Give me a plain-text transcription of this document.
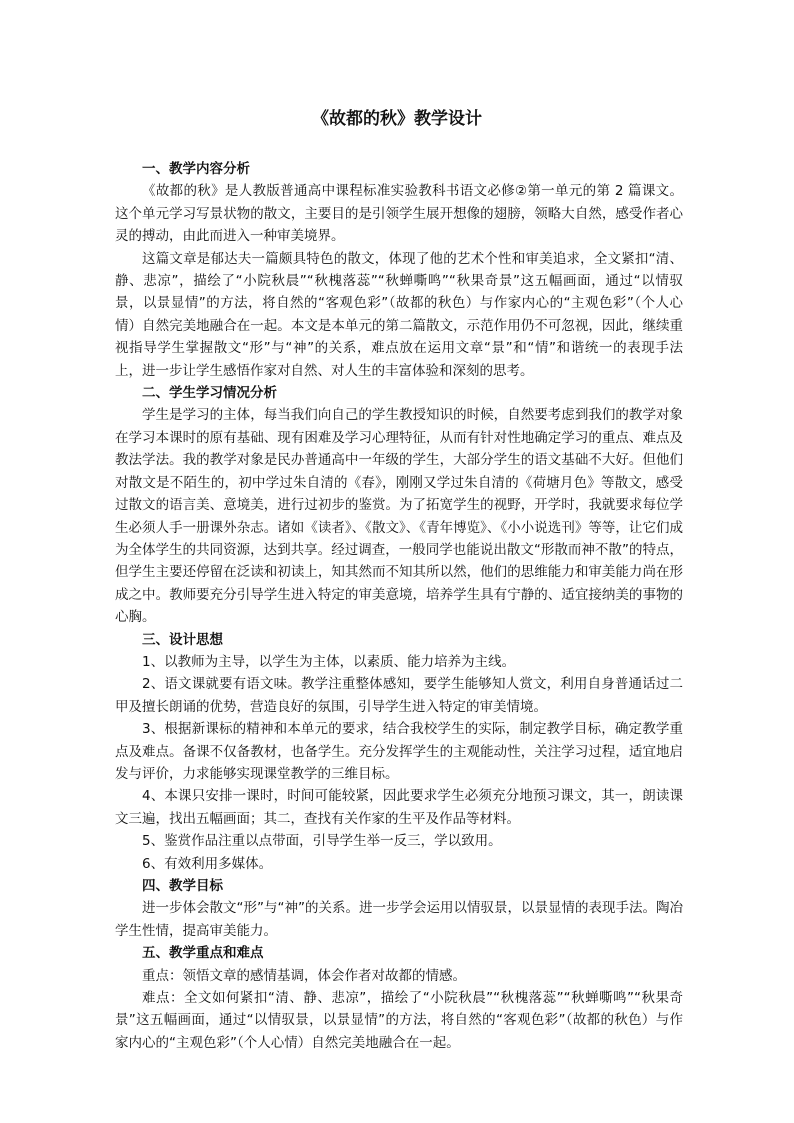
《故都的秋》教学设计
一、教学内容分析

《故都的秋》是人教版普通高中课程标准实验教科书语文必修②第一单元的第 2 篇课文。这个单元学习写景状物的散文，主要目的是引领学生展开想像的翅膀，领略大自然，感受作者心灵的搏动，由此而进入一种审美境界。

这篇文章是郁达夫一篇颇具特色的散文，体现了他的艺术个性和审美追求，全文紧扣“清、静、悲凉”，描绘了“小院秋晨”“秋槐落蕊”“秋蝉嘶鸣”“秋果奇景”这五幅画面，通过“以情驭景，以景显情”的方法，将自然的“客观色彩”（故都的秋色）与作家内心的“主观色彩”（个人心情）自然完美地融合在一起。本文是本单元的第二篇散文，示范作用仍不可忽视，因此，继续重视指导学生掌握散文“形”与“神”的关系，难点放在运用文章“景”和“情”和谐统一的表现手法上，进一步让学生感悟作家对自然、对人生的丰富体验和深刻的思考。

二、学生学习情况分析

学生是学习的主体，每当我们向自己的学生教授知识的时候，自然要考虑到我们的教学对象在学习本课时的原有基础、现有困难及学习心理特征，从而有针对性地确定学习的重点、难点及教法学法。我的教学对象是民办普通高中一年级的学生，大部分学生的语文基础不大好。但他们对散文是不陌生的，初中学过朱自清的《春》，刚刚又学过朱自清的《荷塘月色》等散文，感受过散文的语言美、意境美，进行过初步的鉴赏。为了拓宽学生的视野，开学时，我就要求每位学生必须人手一册课外杂志。诸如《读者》、《散文》、《青年博览》、《小小说选刊》等等，让它们成为全体学生的共同资源，达到共享。经过调查，一般同学也能说出散文“形散而神不散”的特点，但学生主要还停留在泛读和初读上，知其然而不知其所以然，他们的思维能力和审美能力尚在形成之中。教师要充分引导学生进入特定的审美意境，培养学生具有宁静的、适宜接纳美的事物的心胸。

三、设计思想

1、以教师为主导，以学生为主体，以素质、能力培养为主线。

2、语文课就要有语文味。教学注重整体感知，要学生能够知人赏文，利用自身普通话过二甲及擅长朗诵的优势，营造良好的氛围，引导学生进入特定的审美情境。

3、根据新课标的精神和本单元的要求，结合我校学生的实际，制定教学目标，确定教学重点及难点。备课不仅备教材，也备学生。充分发挥学生的主观能动性，关注学习过程，适宜地启发与评价，力求能够实现课堂教学的三维目标。

4、本课只安排一课时，时间可能较紧，因此要求学生必须充分地预习课文，其一，朗读课文三遍，找出五幅画面；其二，查找有关作家的生平及作品等材料。

5、鉴赏作品注重以点带面，引导学生举一反三，学以致用。

6、有效利用多媒体。

四、教学目标

进一步体会散文“形”与“神”的关系。进一步学会运用以情驭景，以景显情的表现手法。陶冶学生性情，提高审美能力。

五、教学重点和难点

重点：领悟文章的感情基调，体会作者对故都的情感。

难点：全文如何紧扣“清、静、悲凉”，描绘了“小院秋晨”“秋槐落蕊”“秋蝉嘶鸣”“秋果奇景”这五幅画面，通过“以情驭景，以景显情”的方法，将自然的“客观色彩”（故都的秋色）与作家内心的“主观色彩”（个人心情）自然完美地融合在一起。
